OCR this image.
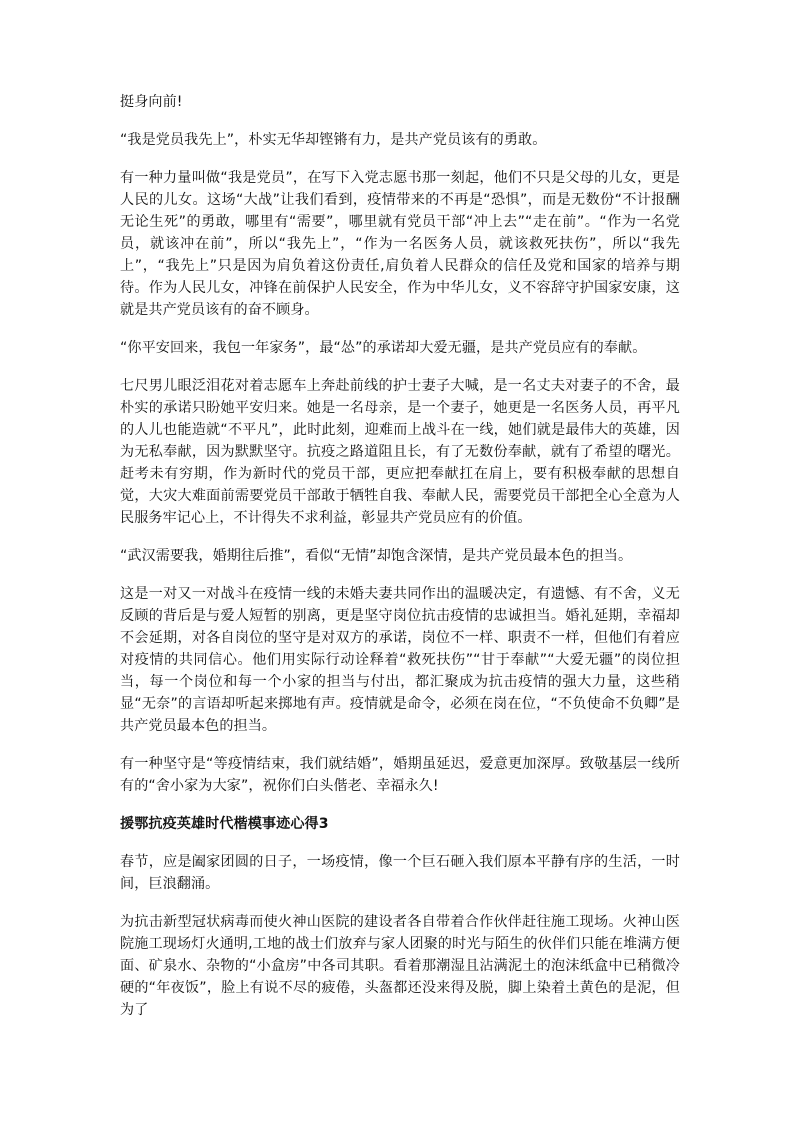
挺身向前!

“我是党员我先上”，朴实无华却铿锵有力，是共产党员该有的勇敢。

有一种力量叫做“我是党员”，在写下入党志愿书那一刻起，他们不只是父母的儿女，更是人民的儿女。这场“大战”让我们看到，疫情带来的不再是“恐惧”，而是无数份“不计报酬无论生死”的勇敢，哪里有“需要”，哪里就有党员干部“冲上去”“走在前”。“作为一名党员，就该冲在前”，所以“我先上”，“作为一名医务人员，就该救死扶伤”，所以“我先上”，“我先上”只是因为肩负着这份责任,肩负着人民群众的信任及党和国家的培养与期待。作为人民儿女，冲锋在前保护人民安全，作为中华儿女，义不容辞守护国家安康，这就是共产党员该有的奋不顾身。

“你平安回来，我包一年家务”，最“怂”的承诺却大爱无疆，是共产党员应有的奉献。

七尺男儿眼泛泪花对着志愿车上奔赴前线的护士妻子大喊，是一名丈夫对妻子的不舍，最朴实的承诺只盼她平安归来。她是一名母亲，是一个妻子，她更是一名医务人员，再平凡的人儿也能造就“不平凡”，此时此刻，迎难而上战斗在一线，她们就是最伟大的英雄，因为无私奉献，因为默默坚守。抗疫之路道阻且长，有了无数份奉献，就有了希望的曙光。赶考未有穷期，作为新时代的党员干部，更应把奉献扛在肩上，要有积极奉献的思想自觉，大灾大难面前需要党员干部敢于牺牲自我、奉献人民，需要党员干部把全心全意为人民服务牢记心上，不计得失不求利益，彰显共产党员应有的价值。

“武汉需要我，婚期往后推”，看似“无情”却饱含深情，是共产党员最本色的担当。

这是一对又一对战斗在疫情一线的未婚夫妻共同作出的温暖决定，有遗憾、有不舍，义无反顾的背后是与爱人短暂的别离，更是坚守岗位抗击疫情的忠诚担当。婚礼延期，幸福却不会延期，对各自岗位的坚守是对双方的承诺，岗位不一样、职责不一样，但他们有着应对疫情的共同信心。他们用实际行动诠释着“救死扶伤”“甘于奉献”“大爱无疆”的岗位担当，每一个岗位和每一个小家的担当与付出，都汇聚成为抗击疫情的强大力量，这些稍显“无奈”的言语却听起来掷地有声。疫情就是命令，必须在岗在位，“不负使命不负卿”是共产党员最本色的担当。

有一种坚守是“等疫情结束，我们就结婚”，婚期虽延迟，爱意更加深厚。致敬基层一线所有的“舍小家为大家”，祝你们白头偕老、幸福永久!

援鄂抗疫英雄时代楷模事迹心得3

春节，应是阖家团圆的日子，一场疫情，像一个巨石砸入我们原本平静有序的生活，一时间，巨浪翻涌。

为抗击新型冠状病毒而使火神山医院的建设者各自带着合作伙伴赶往施工现场。火神山医院施工现场灯火通明,工地的战士们放弃与家人团聚的时光与陌生的伙伴们只能在堆满方便面、矿泉水、杂物的“小盒房”中各司其职。看着那潮湿且沾满泥土的泡沫纸盒中已稍微冷硬的“年夜饭”，脸上有说不尽的疲倦，头盔都还没来得及脱，脚上染着土黄色的是泥，但为了
